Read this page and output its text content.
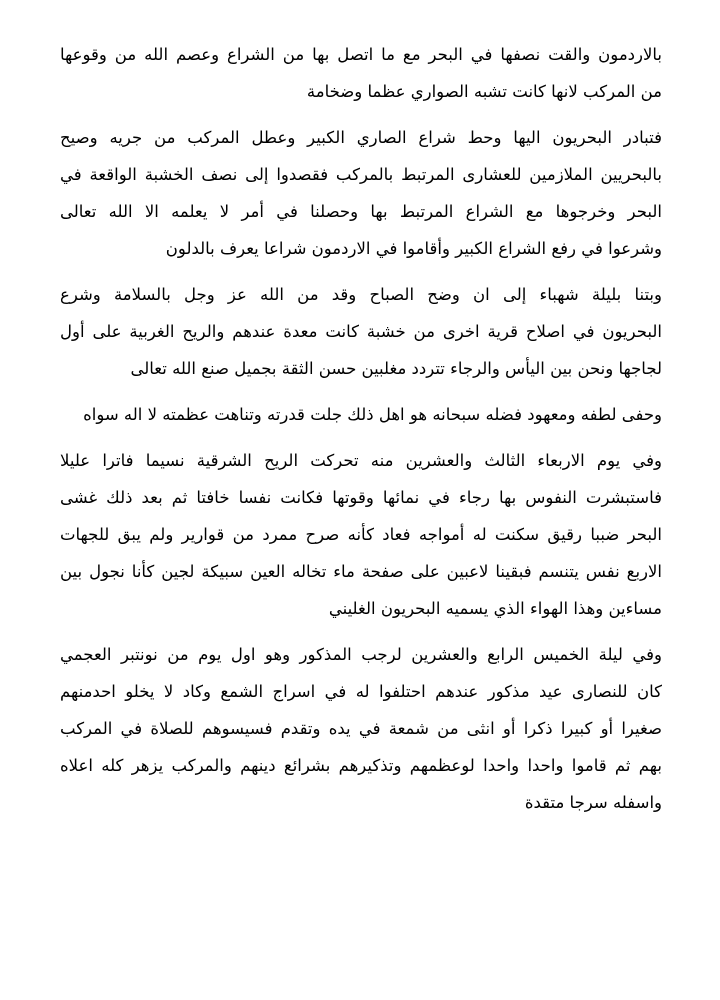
بالاردمون والقت نصفها في البحر مع ما اتصل بها من الشراع وعصم الله من وقوعها
من المركب لانها كانت تشبه الصواري عظما وضخامة
فتبادر البحريون اليها وحط شراع الصاري الكبير وعطل المركب من جريه وصيح
بالبحريين الملازمين للعشارى المرتبط بالمركب فقصدوا إلى نصف الخشبة الواقعة في
البحر وخرجوها مع الشراع المرتبط بها وحصلنا في أمر لا يعلمه الا الله تعالى
وشرعوا في رفع الشراع الكبير وأقاموا في الاردمون شراعا يعرف بالدلون
وبتنا بليلة شهباء إلى ان وضح الصباح وقد من الله عز وجل بالسلامة وشرع
البحريون في اصلاح قرية اخرى من خشبة كانت معدة عندهم والريح الغربية على أول
لجاجها ونحن بين اليأس والرجاء تتردد مغلبين حسن الثقة بجميل صنع الله تعالى
وحفى لطفه ومعهود فضله سبحانه هو اهل ذلك جلت قدرته وتناهت عظمته لا اله سواه
وفي يوم الاربعاء الثالث والعشرين منه تحركت الريح الشرقية نسيما فاترا عليلا
فاستبشرت النفوس بها رجاء في نمائها وقوتها فكانت نفسا خافتا ثم بعد ذلك غشى
البحر ضببا رقيق سكنت له أمواجه فعاد كأنه صرح ممرد من قوارير ولم يبق للجهات
الاربع نفس يتنسم فبقينا لاعبين على صفحة ماء تخاله العين سبيكة لجين كأنا نجول بين
مساءين وهذا الهواء الذي يسميه البحريون الغليني
وفي ليلة الخميس الرابع والعشرين لرجب المذكور وهو اول يوم من نونتبر العجمي
كان للنصارى عيد مذكور عندهم احتلفوا له في اسراج الشمع وكاد لا يخلو احدمنهم
صغيرا أو كبيرا ذكرا أو انثى من شمعة في يده وتقدم فسيسوهم للصلاة في المركب
بهم ثم قاموا واحدا واحدا لوعظمهم وتذكيرهم بشرائع دينهم والمركب يزهر كله اعلاه
واسفله سرجا متقدة
